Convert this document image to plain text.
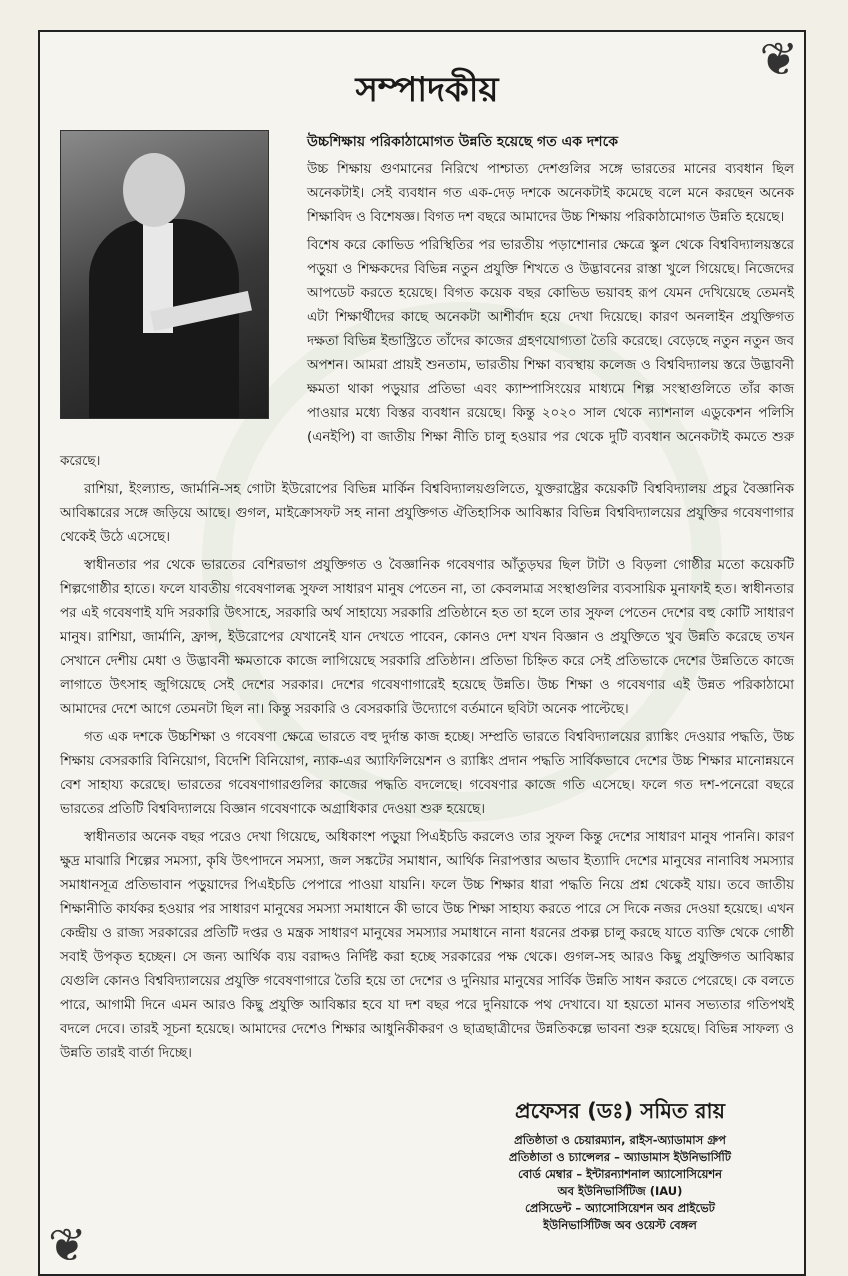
❦
❦
সম্পাদকীয়

উচ্চশিক্ষায় পরিকাঠামোগত উন্নতি হয়েছে গত এক দশকে

উচ্চ শিক্ষায় গুণমানের নিরিখে পাশ্চাত্য দেশগুলির সঙ্গে ভারতের মানের ব্যবধান ছিল অনেকটাই। সেই ব্যবধান গত এক-দেড় দশকে অনেকটাই কমেছে বলে মনে করছেন অনেক শিক্ষাবিদ ও বিশেষজ্ঞ। বিগত দশ বছরে আমাদের উচ্চ শিক্ষায় পরিকাঠামোগত উন্নতি হয়েছে।

বিশেষ করে কোভিড পরিস্থিতির পর ভারতীয় পড়াশোনার ক্ষেত্রে স্কুল থেকে বিশ্ববিদ্যালয়স্তরে পড়ুয়া ও শিক্ষকদের বিভিন্ন নতুন প্রযুক্তি শিখতে ও উদ্ভাবনের রাস্তা খুলে গিয়েছে। নিজেদের আপডেট করতে হয়েছে। বিগত কয়েক বছর কোভিড ভয়াবহ রূপ যেমন দেখিয়েছে তেমনই এটা শিক্ষার্থীদের কাছে অনেকটা আশীর্বাদ হয়ে দেখা দিয়েছে। কারণ অনলাইন প্রযুক্তিগত দক্ষতা বিভিন্ন ইন্ডাস্ট্রিতে তাঁদের কাজের গ্রহণযোগ্যতা তৈরি করেছে। বেড়েছে নতুন নতুন জব অপশন। আমরা প্রায়ই শুনতাম, ভারতীয় শিক্ষা ব্যবস্থায় কলেজ ও বিশ্ববিদ্যালয় স্তরে উদ্ভাবনী ক্ষমতা থাকা পড়ুয়ার প্রতিভা এবং ক্যাম্পাসিংয়ের মাধ্যমে শিল্প সংস্থাগুলিতে তাঁর কাজ পাওয়ার মধ্যে বিস্তর ব্যবধান রয়েছে। কিন্তু ২০২০ সাল থেকে ন্যাশনাল এডুকেশন পলিসি (এনইপি) বা জাতীয় শিক্ষা নীতি চালু হওয়ার পর থেকে দুটি ব্যবধান অনেকটাই কমতে শুরু করেছে।

রাশিয়া, ইংল্যান্ড, জার্মানি-সহ গোটা ইউরোপের বিভিন্ন মার্কিন বিশ্ববিদ্যালয়গুলিতে, যুক্তরাষ্ট্রের কয়েকটি বিশ্ববিদ্যালয় প্রচুর বৈজ্ঞানিক আবিষ্কারের সঙ্গে জড়িয়ে আছে। গুগল, মাইক্রোসফট সহ নানা প্রযুক্তিগত ঐতিহাসিক আবিষ্কার বিভিন্ন বিশ্ববিদ্যালয়ের প্রযুক্তির গবেষণাগার থেকেই উঠে এসেছে।

স্বাধীনতার পর থেকে ভারতের বেশিরভাগ প্রযুক্তিগত ও বৈজ্ঞানিক গবেষণার আঁতুড়ঘর ছিল টাটা ও বিড়লা গোষ্ঠীর মতো কয়েকটি শিল্পগোষ্ঠীর হাতে। ফলে যাবতীয় গবেষণালব্ধ সুফল সাধারণ মানুষ পেতেন না, তা কেবলমাত্র সংস্থাগুলির ব্যবসায়িক মুনাফাই হত। স্বাধীনতার পর এই গবেষণাই যদি সরকারি উৎসাহে, সরকারি অর্থ সাহায্যে সরকারি প্রতিষ্ঠানে হত তা হলে তার সুফল পেতেন দেশের বহু কোটি সাধারণ মানুষ। রাশিয়া, জার্মানি, ফ্রান্স, ইউরোপের যেখানেই যান দেখতে পাবেন, কোনও দেশ যখন বিজ্ঞান ও প্রযুক্তিতে খুব উন্নতি করেছে তখন সেখানে দেশীয় মেধা ও উদ্ভাবনী ক্ষমতাকে কাজে লাগিয়েছে সরকারি প্রতিষ্ঠান। প্রতিভা চিহ্নিত করে সেই প্রতিভাকে দেশের উন্নতিতে কাজে লাগাতে উৎসাহ জুগিয়েছে সেই দেশের সরকার। দেশের গবেষণাগারেই হয়েছে উন্নতি। উচ্চ শিক্ষা ও গবেষণার এই উন্নত পরিকাঠামো আমাদের দেশে আগে তেমনটা ছিল না। কিন্তু সরকারি ও বেসরকারি উদ্যোগে বর্তমানে ছবিটা অনেক পাল্টেছে।

গত এক দশকে উচ্চশিক্ষা ও গবেষণা ক্ষেত্রে ভারতে বহু দুর্দান্ত কাজ হচ্ছে। সম্প্রতি ভারতে বিশ্ববিদ্যালয়ের র‍্যাঙ্কিং দেওয়ার পদ্ধতি, উচ্চ শিক্ষায় বেসরকারি বিনিয়োগ, বিদেশি বিনিয়োগ, ন্যাক-এর অ্যাফিলিয়েশন ও র‍্যাঙ্কিং প্রদান পদ্ধতি সার্বিকভাবে দেশের উচ্চ শিক্ষার মানোন্নয়নে বেশ সাহায্য করেছে। ভারতের গবেষণাগারগুলির কাজের পদ্ধতি বদলেছে। গবেষণার কাজে গতি এসেছে। ফলে গত দশ-পনেরো বছরে ভারতের প্রতিটি বিশ্ববিদ্যালয়ে বিজ্ঞান গবেষণাকে অগ্রাধিকার দেওয়া শুরু হয়েছে।

স্বাধীনতার অনেক বছর পরেও দেখা গিয়েছে, অধিকাংশ পড়ুয়া পিএইচডি করলেও তার সুফল কিন্তু দেশের সাধারণ মানুষ পাননি। কারণ ক্ষুদ্র মাঝারি শিল্পের সমস্যা, কৃষি উৎপাদনে সমস্যা, জল সঙ্কটের সমাধান, আর্থিক নিরাপত্তার অভাব ইত্যাদি দেশের মানুষের নানাবিধ সমস্যার সমাধানসূত্র প্রতিভাবান পড়ুয়াদের পিএইচডি পেপারে পাওয়া যায়নি। ফলে উচ্চ শিক্ষার ধারা পদ্ধতি নিয়ে প্রশ্ন থেকেই যায়। তবে জাতীয় শিক্ষানীতি কার্যকর হওয়ার পর সাধারণ মানুষের সমস্যা সমাধানে কী ভাবে উচ্চ শিক্ষা সাহায্য করতে পারে সে দিকে নজর দেওয়া হয়েছে। এখন কেন্দ্রীয় ও রাজ্য সরকারের প্রতিটি দপ্তর ও মন্ত্রক সাধারণ মানুষের সমস্যার সমাধানে নানা ধরনের প্রকল্প চালু করছে যাতে ব্যক্তি থেকে গোষ্ঠী সবাই উপকৃত হচ্ছেন। সে জন্য আর্থিক ব্যয় বরাদ্দও নির্দিষ্ট করা হচ্ছে সরকারের পক্ষ থেকে। গুগল-সহ আরও কিছু প্রযুক্তিগত আবিষ্কার যেগুলি কোনও বিশ্ববিদ্যালয়ের প্রযুক্তি গবেষণাগারে তৈরি হয়ে তা দেশের ও দুনিয়ার মানুষের সার্বিক উন্নতি সাধন করতে পেরেছে। কে বলতে পারে, আগামী দিনে এমন আরও কিছু প্রযুক্তি আবিষ্কার হবে যা দশ বছর পরে দুনিয়াকে পথ দেখাবে। যা হয়তো মানব সভ্যতার গতিপথই বদলে দেবে। তারই সূচনা হয়েছে। আমাদের দেশেও শিক্ষার আধুনিকীকরণ ও ছাত্রছাত্রীদের উন্নতিকল্পে ভাবনা শুরু হয়েছে। বিভিন্ন সাফল্য ও উন্নতি তারই বার্তা দিচ্ছে।

প্রফেসর (ডঃ) সমিত রায়
প্রতিষ্ঠাতা ও চেয়ারম্যান, রাইস-অ্যাডামাস গ্রুপ
প্রতিষ্ঠাতা ও চ্যান্সেলর – অ্যাডামাস ইউনিভার্সিটি
বোর্ড মেম্বার – ইন্টারন্যাশনাল অ্যাসোসিয়েশন
অব ইউনিভার্সিটিজ (IAU)
প্রেসিডেন্ট – অ্যাসোসিয়েশন অব প্রাইভেট
ইউনিভার্সিটিজ অব ওয়েস্ট বেঙ্গল
